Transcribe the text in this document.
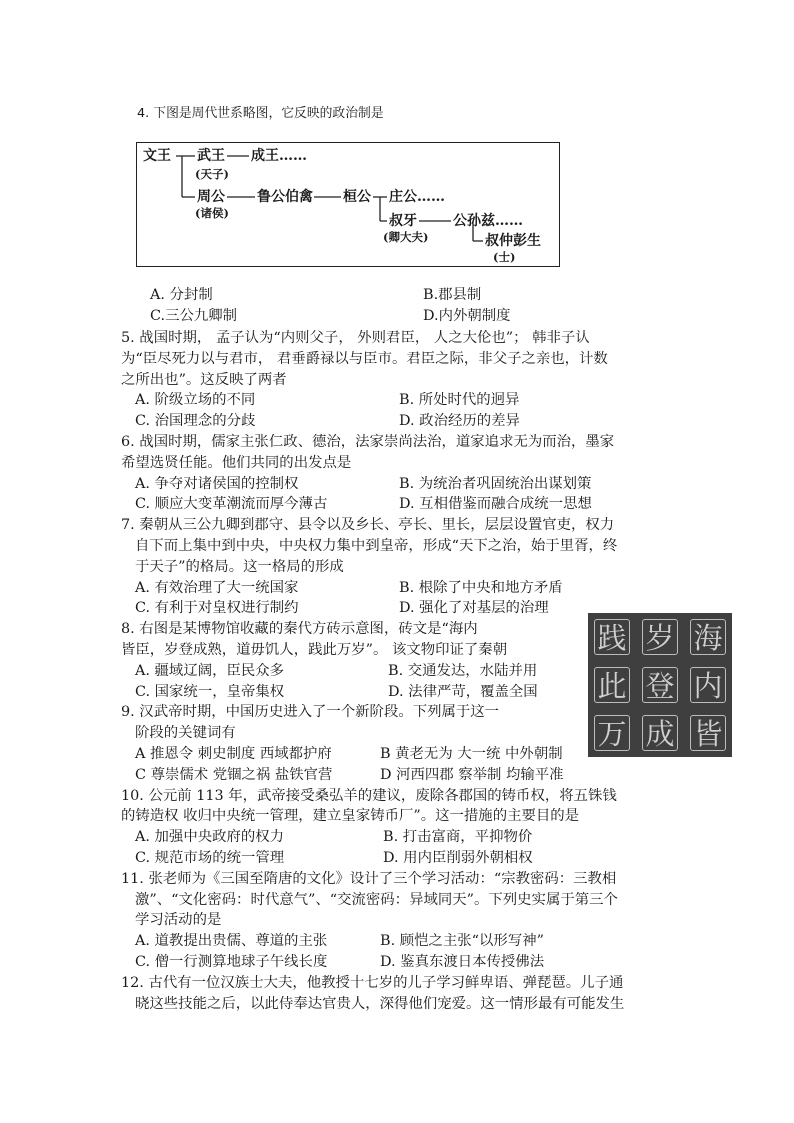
4. 下图是周代世系略图，它反映的政治制是
文王 武王 成王……
(天子)
周公
(诸侯)
鲁公伯禽 桓公 庄公……
叔牙	公孙兹……
(卿大夫)	叔仲彭生
(士)
A. 分封制	B.郡县制
C.三公九卿制	D.内外朝制度
5. 战国时期， 孟子认为“内则父子， 外则君臣， 人之大伦也”； 韩非子认
为“臣尽死力以与君市， 君垂爵禄以与臣市。君臣之际，非父子之亲也，计数
之所出也”。这反映了两者
A. 阶级立场的不同	B. 所处时代的迥异
C. 治国理念的分歧	D. 政治经历的差异
6. 战国时期，儒家主张仁政、德治，法家崇尚法治，道家追求无为而治，墨家
希望选贤任能。他们共同的出发点是
A. 争夺对诸侯国的控制权	B. 为统治者巩固统治出谋划策
C. 顺应大变革潮流而厚今薄古	D. 互相借鉴而融合成统一思想
7. 秦朝从三公九卿到郡守、县令以及乡长、亭长、里长，层层设置官吏，权力
自下而上集中到中央，中央权力集中到皇帝，形成“天下之治，始于里胥，终
于天子”的格局。这一格局的形成
A. 有效治理了大一统国家	B. 根除了中央和地方矛盾
C. 有利于对皇权进行制约	D. 强化了对基层的治理
8. 右图是某博物馆收藏的秦代方砖示意图，砖文是“海内
皆臣，岁登成熟，道毋饥人，践此万岁”。 该文物印证了秦朝
A. 疆域辽阔，臣民众多	B. 交通发达，水陆并用
C. 国家统一，皇帝集权	D. 法律严苛，覆盖全国
践 岁 海
此 登 内
万 成 皆
9. 汉武帝时期，中国历史进入了一个新阶段。下列属于这一
阶段的关键词有
A 推恩令 刺史制度 西域都护府	B 黄老无为 大一统 中外朝制
C 尊崇儒术 党锢之祸 盐铁官营	D 河西四郡 察举制 均输平准
10. 公元前 113 年，武帝接受桑弘羊的建议，废除各郡国的铸币权，将五铢钱
的铸造权 收归中央统一管理，建立皇家铸币厂”。这一措施的主要目的是
A. 加强中央政府的权力	B. 打击富商，平抑物价
C. 规范市场的统一管理	D. 用内臣削弱外朝相权
11. 张老师为《三国至隋唐的文化》设计了三个学习活动：“宗教密码：三教相
激”、“文化密码：时代意气”、“交流密码：异域同天”。下列史实属于第三个
学习活动的是
A. 道教提出贵儒、尊道的主张	B. 顾恺之主张“以形写神”
C. 僧一行测算地球子午线长度	D. 鉴真东渡日本传授佛法
12. 古代有一位汉族士大夫，他教授十七岁的儿子学习鲜卑语、弹琵琶。儿子通
晓这些技能之后，以此侍奉达官贵人，深得他们宠爱。这一情形最有可能发生
